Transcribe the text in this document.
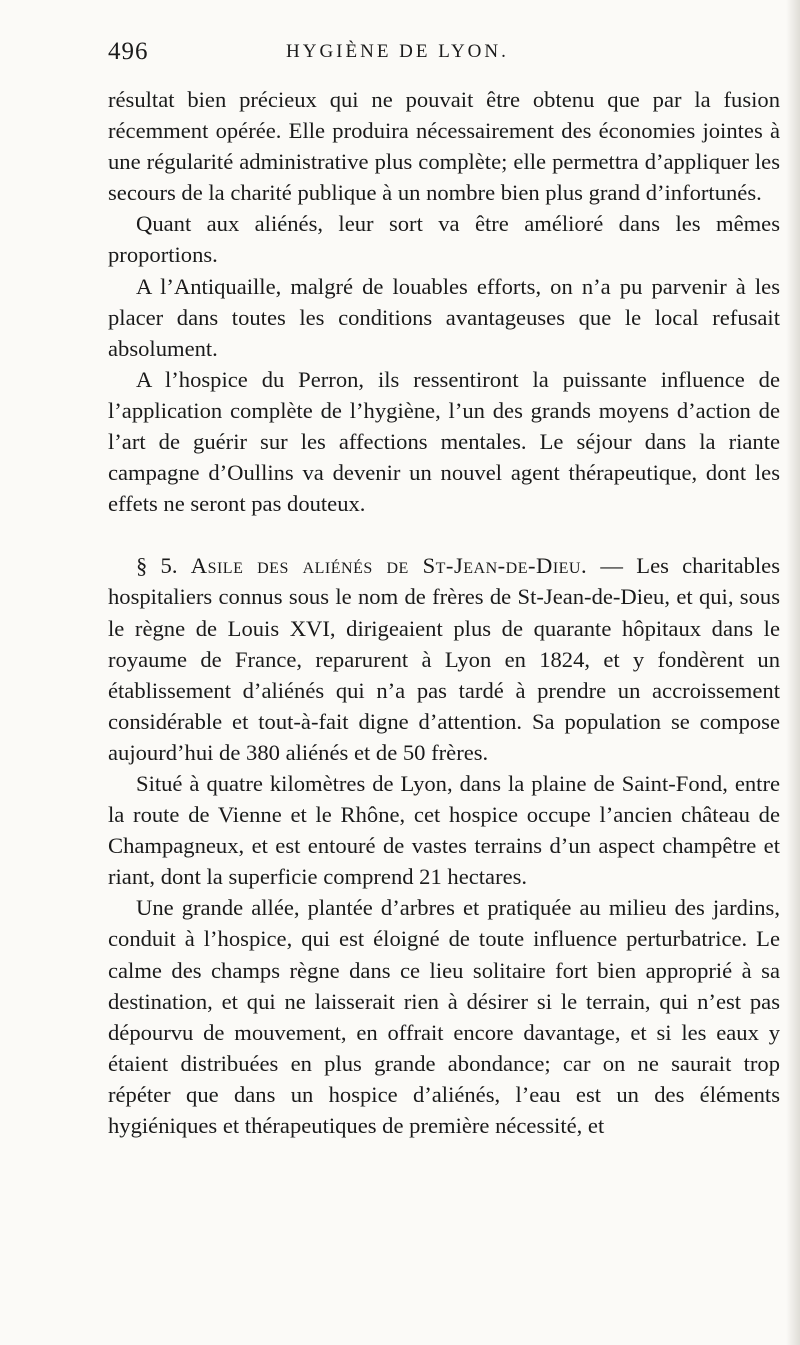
496	HYGIÈNE DE LYON.

résultat bien précieux qui ne pouvait être obtenu que par la fusion récemment opérée. Elle produira nécessairement des économies jointes à une régularité administrative plus complète; elle permettra d’appliquer les secours de la charité publique à un nombre bien plus grand d’infortunés.

Quant aux aliénés, leur sort va être amélioré dans les mêmes proportions.

A l’Antiquaille, malgré de louables efforts, on n’a pu parvenir à les placer dans toutes les conditions avantageuses que le local refusait absolument.

A l’hospice du Perron, ils ressentiront la puissante influence de l’application complète de l’hygiène, l’un des grands moyens d’action de l’art de guérir sur les affections mentales. Le séjour dans la riante campagne d’Oullins va devenir un nouvel agent thérapeutique, dont les effets ne seront pas douteux.

§ 5. Asile des aliénés de St-Jean-de-Dieu. — Les charitables hospitaliers connus sous le nom de frères de St-Jean-de-Dieu, et qui, sous le règne de Louis XVI, dirigeaient plus de quarante hôpitaux dans le royaume de France, reparurent à Lyon en 1824, et y fondèrent un établissement d’aliénés qui n’a pas tardé à prendre un accroissement considérable et tout-à-fait digne d’attention. Sa population se compose aujourd’hui de 380 aliénés et de 50 frères.

Situé à quatre kilomètres de Lyon, dans la plaine de Saint-Fond, entre la route de Vienne et le Rhône, cet hospice occupe l’ancien château de Champagneux, et est entouré de vastes terrains d’un aspect champêtre et riant, dont la superficie comprend 21 hectares.

Une grande allée, plantée d’arbres et pratiquée au milieu des jardins, conduit à l’hospice, qui est éloigné de toute influence perturbatrice. Le calme des champs règne dans ce lieu solitaire fort bien approprié à sa destination, et qui ne laisserait rien à désirer si le terrain, qui n’est pas dépourvu de mouvement, en offrait encore davantage, et si les eaux y étaient distribuées en plus grande abondance; car on ne saurait trop répéter que dans un hospice d’aliénés, l’eau est un des éléments hygiéniques et thérapeutiques de première nécessité, et
